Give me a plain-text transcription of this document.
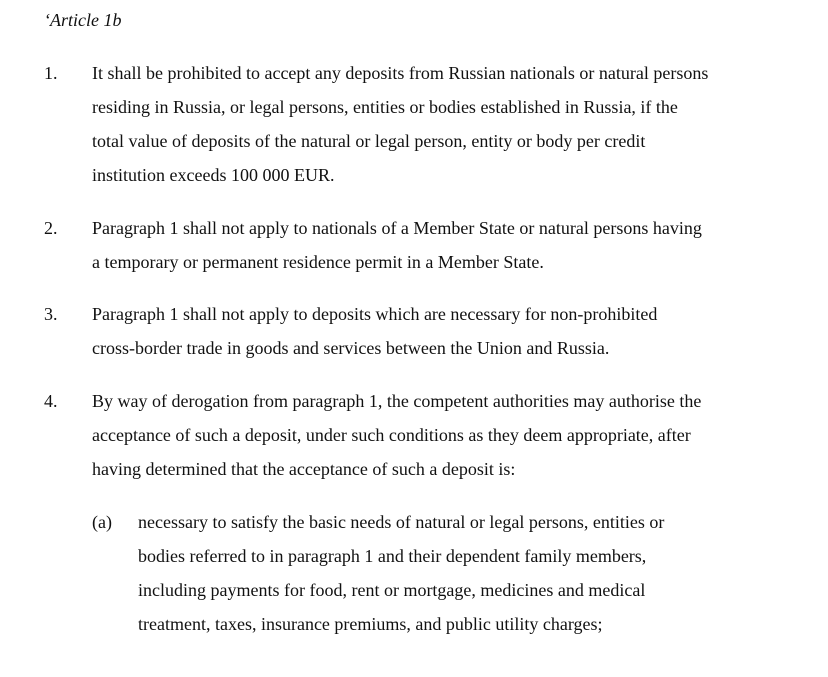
‘Article 1b
1. It shall be prohibited to accept any deposits from Russian nationals or natural persons
residing in Russia, or legal persons, entities or bodies established in Russia, if the
total value of deposits of the natural or legal person, entity or body per credit
institution exceeds 100 000 EUR.
2. Paragraph 1 shall not apply to nationals of a Member State or natural persons having
a temporary or permanent residence permit in a Member State.
3. Paragraph 1 shall not apply to deposits which are necessary for non-prohibited
cross-border trade in goods and services between the Union and Russia.
4. By way of derogation from paragraph 1, the competent authorities may authorise the
acceptance of such a deposit, under such conditions as they deem appropriate, after
having determined that the acceptance of such a deposit is:
(a) necessary to satisfy the basic needs of natural or legal persons, entities or
bodies referred to in paragraph 1 and their dependent family members,
including payments for food, rent or mortgage, medicines and medical
treatment, taxes, insurance premiums, and public utility charges;
